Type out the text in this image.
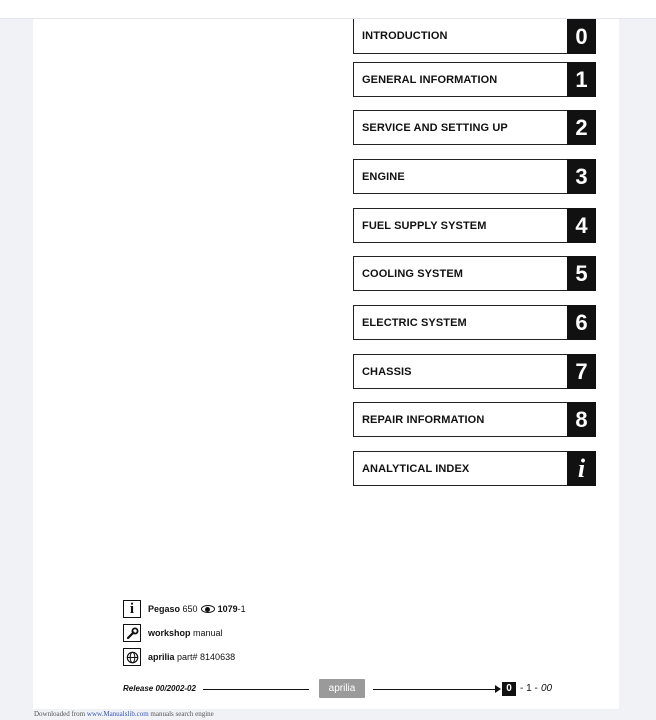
INTRODUCTION	0
GENERAL INFORMATION	1
SERVICE AND SETTING UP	2
ENGINE	3
FUEL SUPPLY SYSTEM	4
COOLING SYSTEM	5
ELECTRIC SYSTEM	6
CHASSIS	7
REPAIR INFORMATION	8
ANALYTICAL INDEX	i
i	Pegaso
650 1079 -1
workshop
manual
aprilia
part# 8140638
Release 00/2002-02	aprilia	0 - 1 - 00
Downloaded from www.Manualslib.com manuals search engine
